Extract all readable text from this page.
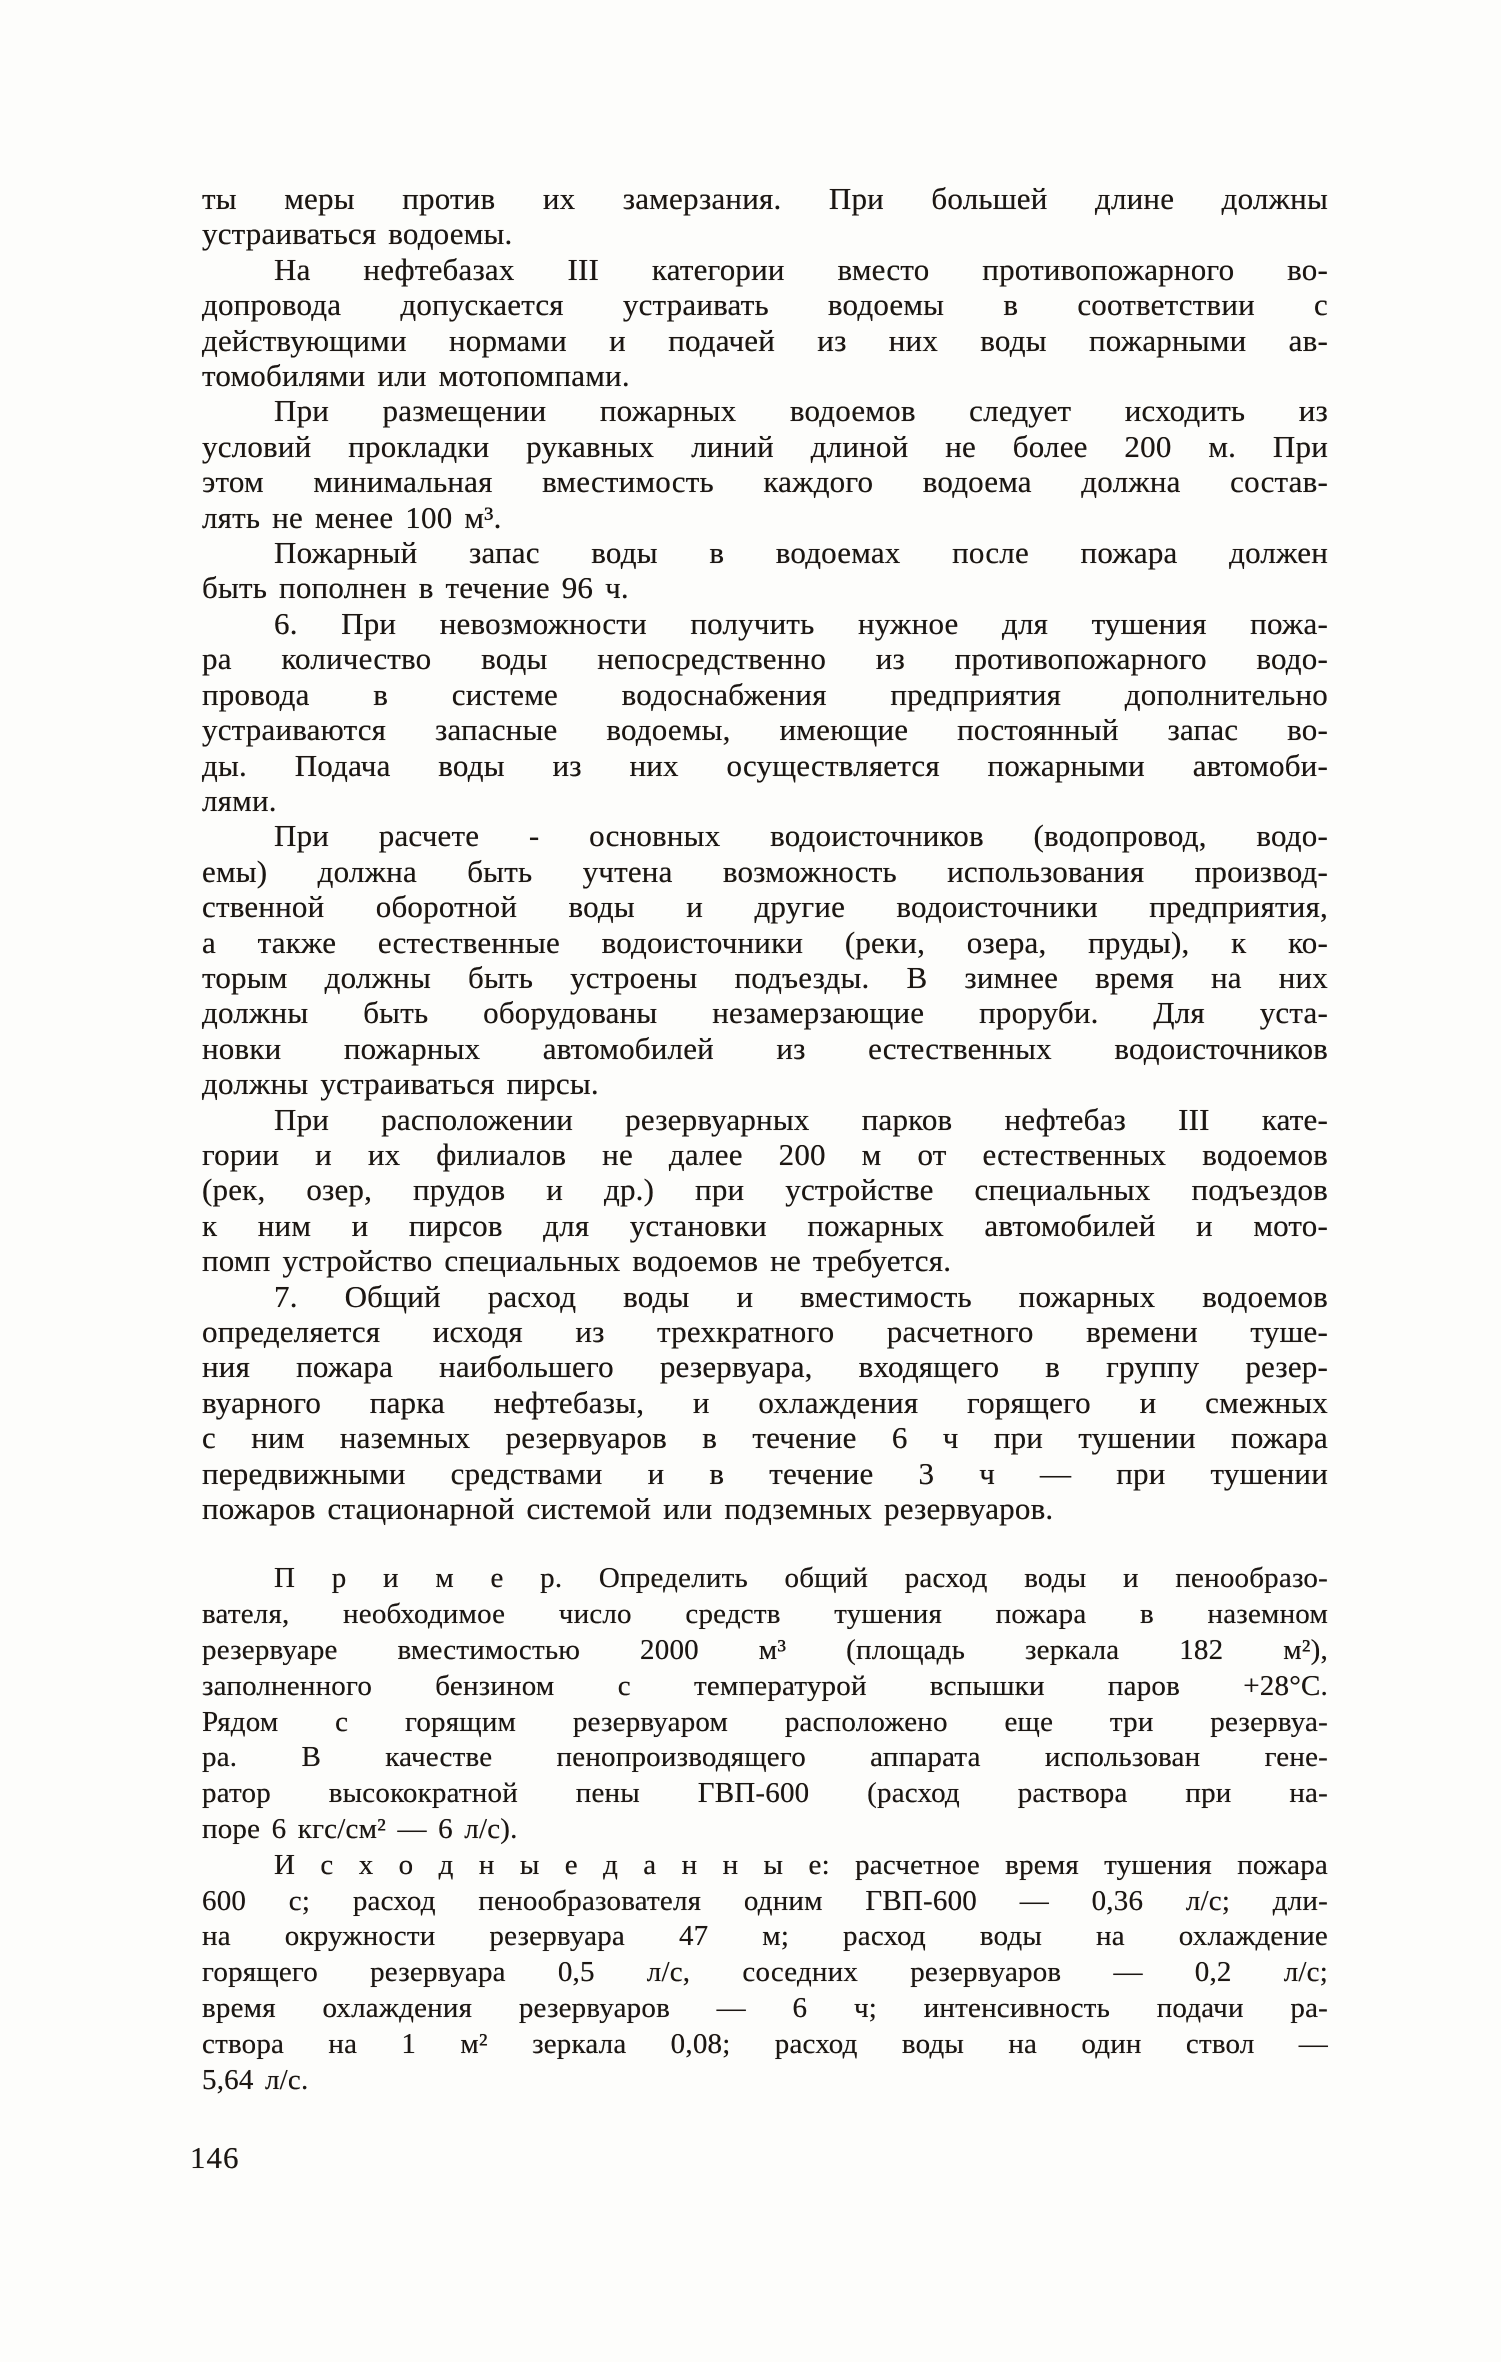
ты меры против их замерзания. При большей длине должны
устраиваться водоемы.
На нефтебазах III категории вместо противопожарного во-
допровода допускается устраивать водоемы в соответствии с
действующими нормами и подачей из них воды пожарными ав-
томобилями или мотопомпами.
При размещении пожарных водоемов следует исходить из
условий прокладки рукавных линий длиной не более 200 м. При
этом минимальная вместимость каждого водоема должна состав-
лять не менее 100 м³.
Пожарный запас воды в водоемах после пожара должен
быть пополнен в течение 96 ч.
6. При невозможности получить нужное для тушения пожа-
ра количество воды непосредственно из противопожарного водо-
провода в системе водоснабжения предприятия дополнительно
устраиваются запасные водоемы, имеющие постоянный запас во-
ды. Подача воды из них осуществляется пожарными автомоби-
лями.
При расчете - основных водоисточников (водопровод, водо-
емы) должна быть учтена возможность использования производ-
ственной оборотной воды и другие водоисточники предприятия,
а также естественные водоисточники (реки, озера, пруды), к ко-
торым должны быть устроены подъезды. В зимнее время на них
должны быть оборудованы незамерзающие проруби. Для уста-
новки пожарных автомобилей из естественных водоисточников
должны устраиваться пирсы.
При расположении резервуарных парков нефтебаз III кате-
гории и их филиалов не далее 200 м от естественных водоемов
(рек, озер, прудов и др.) при устройстве специальных подъездов
к ним и пирсов для установки пожарных автомобилей и мото-
помп устройство специальных водоемов не требуется.
7. Общий расход воды и вместимость пожарных водоемов
определяется исходя из трехкратного расчетного времени туше-
ния пожара наибольшего резервуара, входящего в группу резер-
вуарного парка нефтебазы, и охлаждения горящего и смежных
с ним наземных резервуаров в течение 6 ч при тушении пожара
передвижными средствами и в течение 3 ч — при тушении
пожаров стационарной системой или подземных резервуаров.
П р и м е р. Определить общий расход воды и пенообразо-
вателя, необходимое число средств тушения пожара в наземном
резервуаре вместимостью 2000 м³ (площадь зеркала 182 м²),
заполненного бензином с температурой вспышки паров +28°С.
Рядом с горящим резервуаром расположено еще три резервуа-
ра. В качестве пенопроизводящего аппарата использован гене-
ратор высокократной пены ГВП-600 (расход раствора при на-
поре 6 кгс/см² — 6 л/с).
И с х о д н ы е д а н н ы е: расчетное время тушения пожара
600 с; расход пенообразователя одним ГВП-600 — 0,36 л/с; дли-
на окружности резервуара 47 м; расход воды на охлаждение
горящего резервуара 0,5 л/с, соседних резервуаров — 0,2 л/с;
время охлаждения резервуаров — 6 ч; интенсивность подачи ра-
створа на 1 м² зеркала 0,08; расход воды на один ствол —
5,64 л/с.
146
